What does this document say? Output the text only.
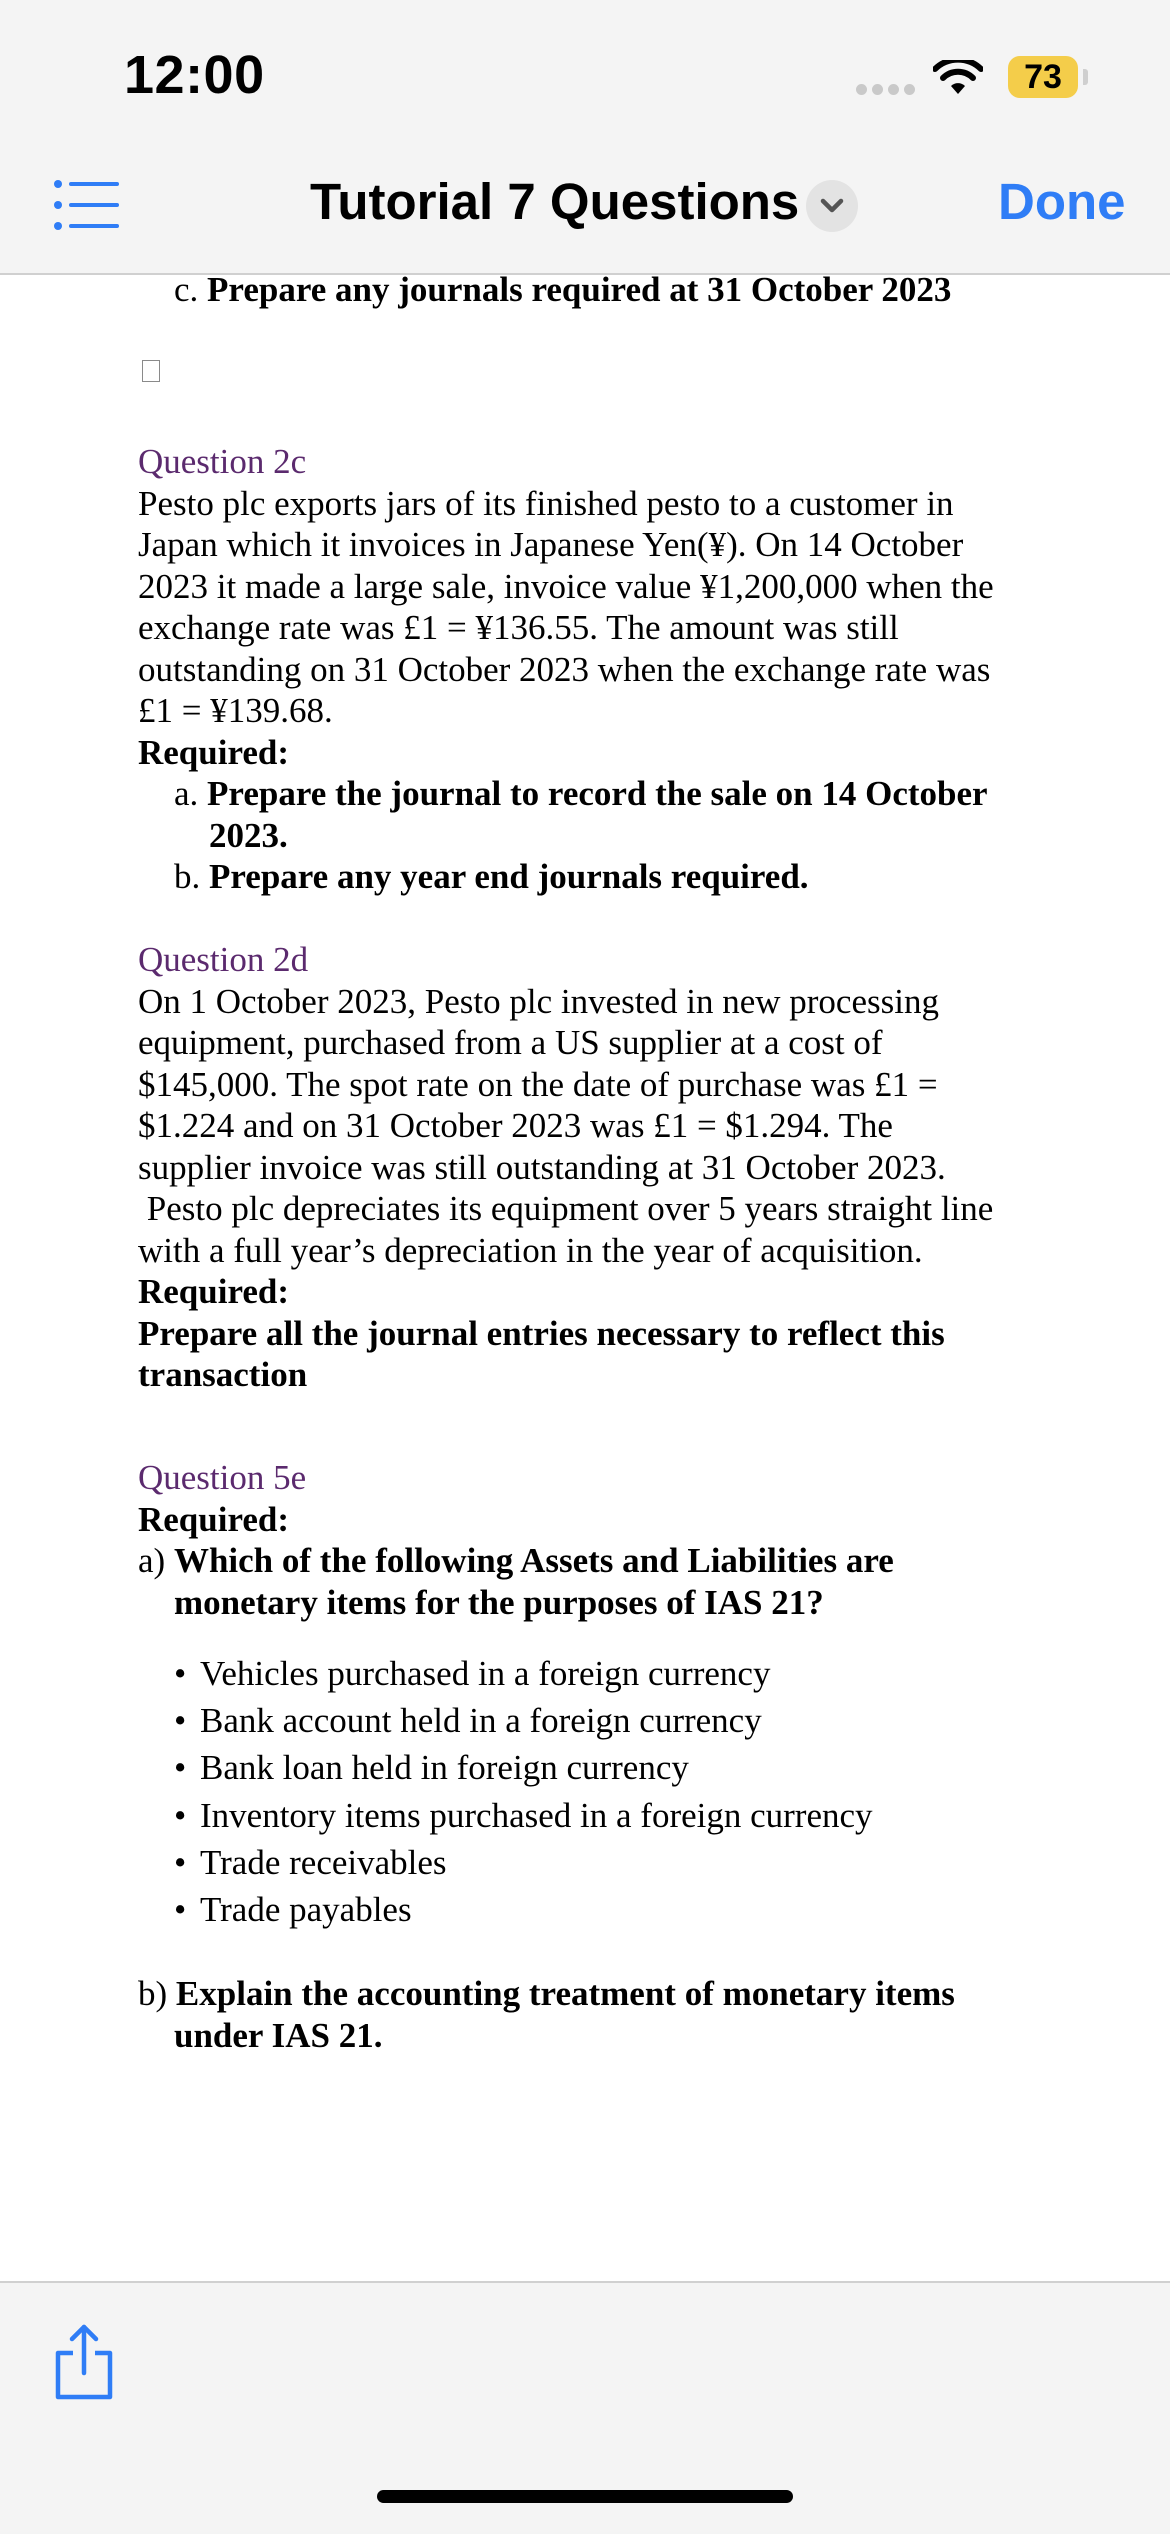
12:00	73
Tutorial 7 Questions	Done

c. Prepare any journals required at 31 October 2023

Question 2c

Pesto plc exports jars of its finished pesto to a customer in

Japan which it invoices in Japanese Yen(¥). On 14 October

2023 it made a large sale, invoice value ¥1,200,000 when the

exchange rate was £1 = ¥136.55. The amount was still

outstanding on 31 October 2023 when the exchange rate was

£1 = ¥139.68.

Required:

a. Prepare the journal to record the sale on 14 October

2023.

b. Prepare any year end journals required.

Question 2d

On 1 October 2023, Pesto plc invested in new processing

equipment, purchased from a US supplier at a cost of

$145,000. The spot rate on the date of purchase was £1 =

$1.224 and on 31 October 2023 was £1 = $1.294. The

supplier invoice was still outstanding at 31 October 2023.

Pesto plc depreciates its equipment over 5 years straight line

with a full year’s depreciation in the year of acquisition.

Required:

Prepare all the journal entries necessary to reflect this

transaction

Question 5e

Required:

a) Which of the following Assets and Liabilities are

monetary items for the purposes of IAS 21?

• Vehicles purchased in a foreign currency
• Bank account held in a foreign currency
• Bank loan held in foreign currency
• Inventory items purchased in a foreign currency
• Trade receivables
• Trade payables

b) Explain the accounting treatment of monetary items

under IAS 21.
